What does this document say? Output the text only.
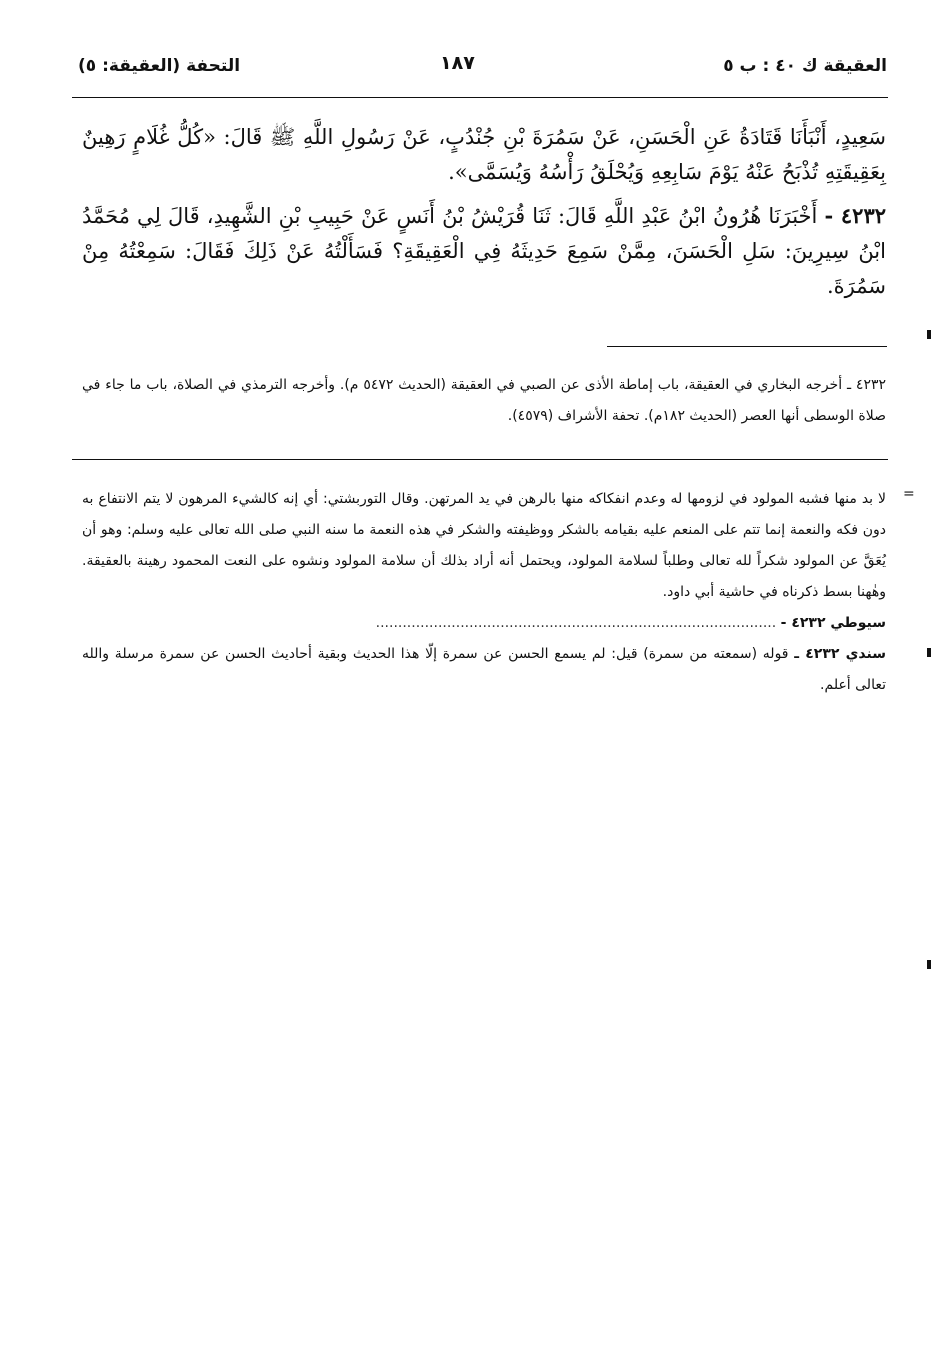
العقيقة ك ٤٠ : ب ٥
١٨٧
التحفة (العقيقة: ٥)

سَعِيدٍ، أَنْبَأَنَا قَتَادَةُ عَنِ الْحَسَنِ، عَنْ سَمُرَةَ بْنِ جُنْدُبٍ، عَنْ رَسُولِ اللَّهِ ﷺ قَالَ: «كُلُّ غُلَامٍ رَهِينٌ بِعَقِيقَتِهِ تُذْبَحُ عَنْهُ يَوْمَ سَابِعِهِ وَيُحْلَقُ رَأْسُهُ وَيُسَمَّى».

٤٢٣٢ - أَخْبَرَنَا هُرُونُ ابْنُ عَبْدِ اللَّهِ قَالَ: ثَنَا قُرَيْشُ بْنُ أَنَسٍ عَنْ حَبِيبِ بْنِ الشَّهِيدِ، قَالَ لِي مُحَمَّدُ ابْنُ سِيرِينَ: سَلِ الْحَسَنَ، مِمَّنْ سَمِعَ حَدِيثَهُ فِي الْعَقِيقَةِ؟ فَسَأَلْتُهُ عَنْ ذَلِكَ فَقَالَ: سَمِعْتُهُ مِنْ سَمُرَةَ.

٤٢٣٢ ـ أخرجه البخاري في العقيقة، باب إماطة الأذى عن الصبي في العقيقة (الحديث ٥٤٧٢ م). وأخرجه الترمذي في الصلاة، باب ما جاء في صلاة الوسطى أنها العصر (الحديث ١٨٢م). تحفة الأشراف (٤٥٧٩).

=

لا بد منها فشبه المولود في لزومها له وعدم انفكاكه منها بالرهن في يد المرتهن. وقال التوربشتي: أي إنه كالشيء المرهون لا يتم الانتفاع به دون فكه والنعمة إنما تتم على المنعم عليه بقيامه بالشكر ووظيفته والشكر في هذه النعمة ما سنه النبي صلى الله تعالى عليه وسلم: وهو أن يُعَقَّ عن المولود شكراً لله تعالى وطلباً لسلامة المولود، ويحتمل أنه أراد بذلك أن سلامة المولود ونشوه على النعت المحمود رهينة بالعقيقة. وهٰهنا بسط ذكرناه في حاشية أبي داود.

سيوطي ٤٢٣٢ - ..........................................................................................

سندي ٤٢٣٢ ـ قوله (سمعته من سمرة) قيل: لم يسمع الحسن عن سمرة إلّا هذا الحديث وبقية أحاديث الحسن عن سمرة مرسلة والله تعالى أعلم.
